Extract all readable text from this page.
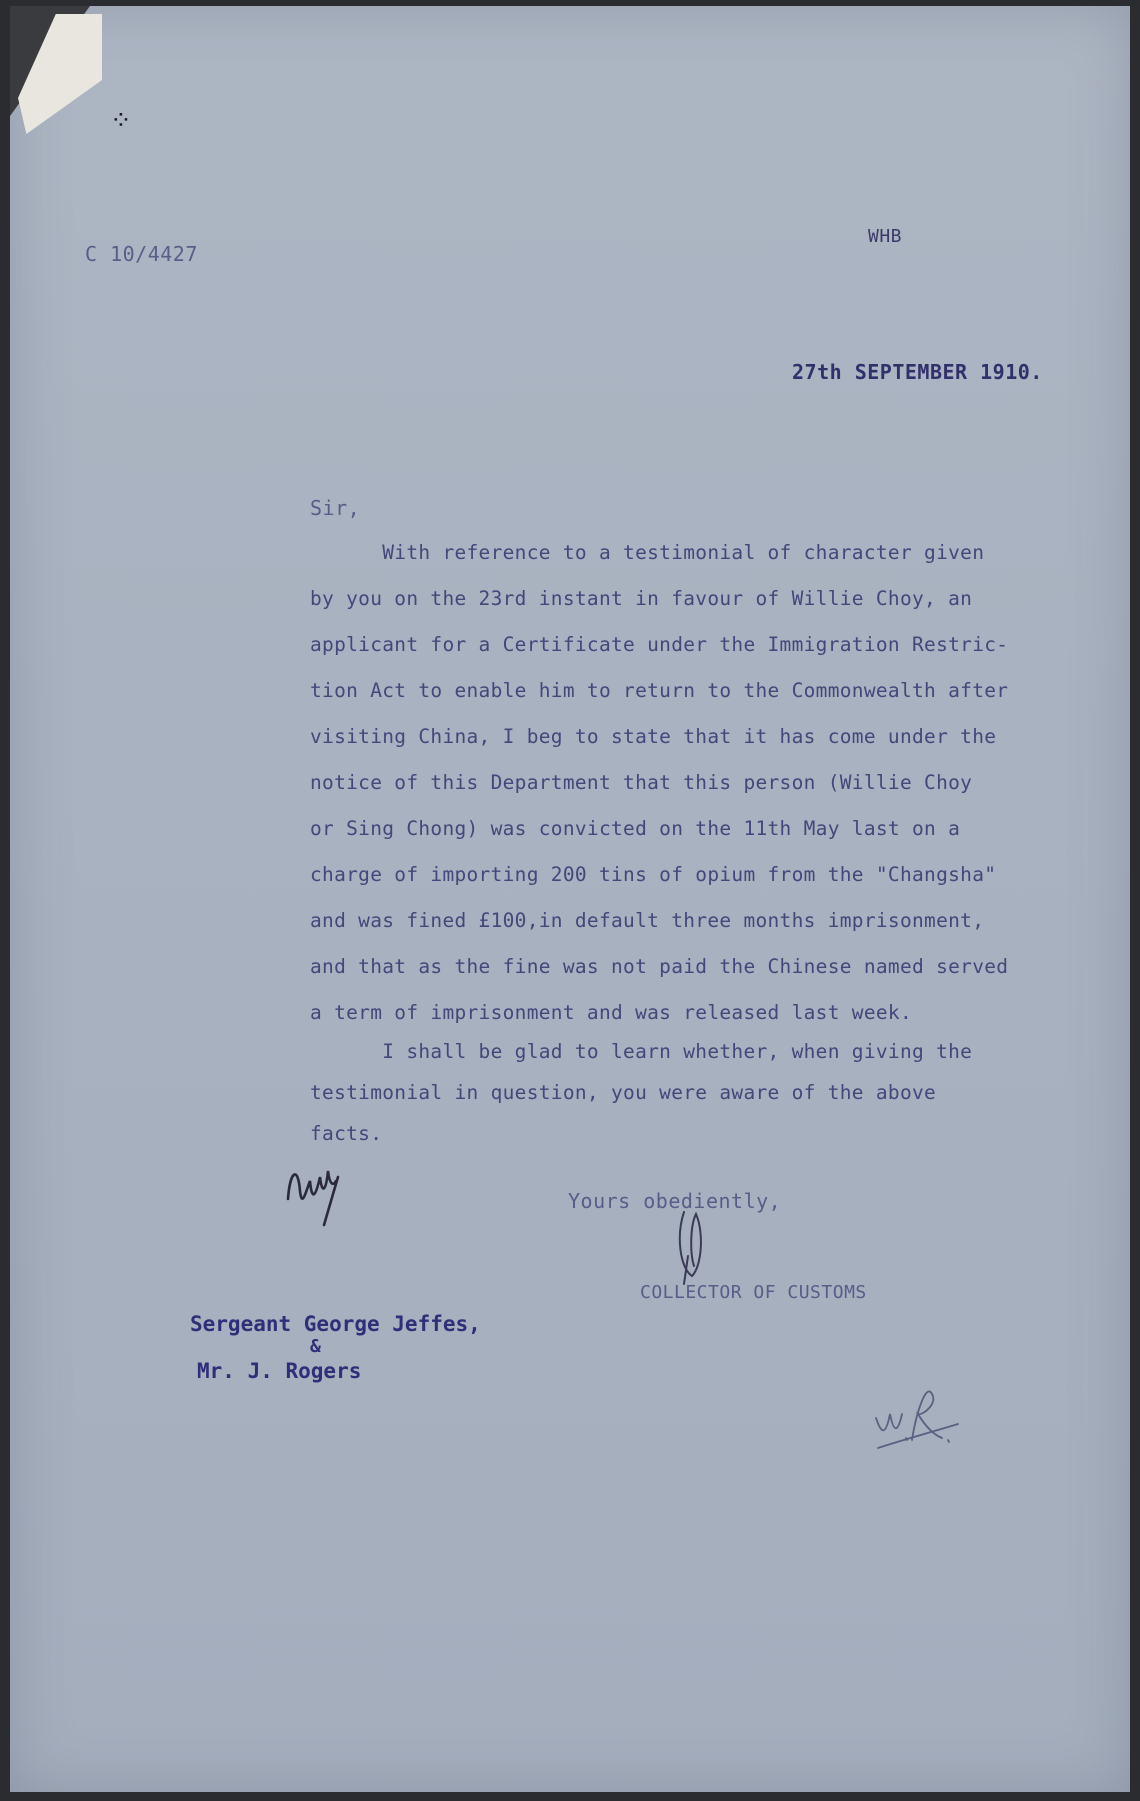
⁘
C 10/4427
WHB
27th SEPTEMBER 1910.
Sir,
With reference to a testimonial of character given
by you on the 23rd instant in favour of Willie Choy, an
applicant for a Certificate under the Immigration Restric-
tion Act to enable him to return to the Commonwealth after
visiting China, I beg to state that it has come under the
notice of this Department that this person (Willie Choy
or Sing Chong) was convicted on the 11th May last on a
charge of importing 200 tins of opium from the "Changsha"
and was fined £100,in default three months imprisonment,
and that as the fine was not paid the Chinese named served
a term of imprisonment and was released last week.
I shall be glad to learn whether, when giving the
testimonial in question, you were aware of the above
facts.
Yours obediently,
COLLECTOR OF CUSTOMS
Sergeant George Jeffes,
&
Mr. J. Rogers
